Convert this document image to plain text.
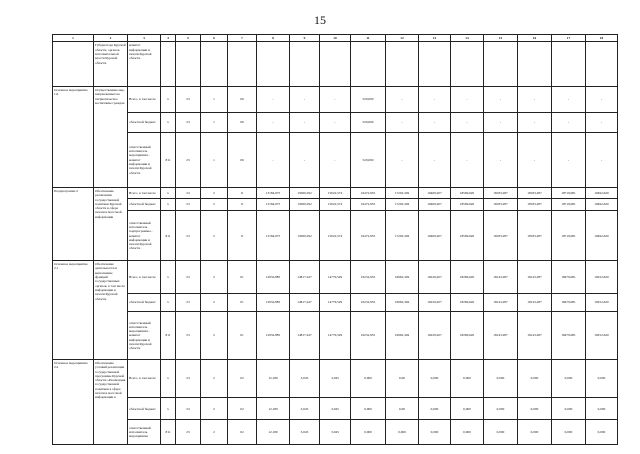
15
1	2	3	4	5	6	7	8	9	10	11	12	13	14	15	16	17	18
	Губернатора Курской области, органов исполнительной власти Курской области	комитет информации и печати Курской области															
Основное мероприятие 1.6	Осуществление мер, направленных на патриотическое воспитание граждан	Всего, в том числе	x	23	1	06	-	-	-	520,000	-	-	-	-	-	-	-
		областной бюджет	x	23	1	06	-	-	-	520,000	-	-	-	-	-	-	-
		ответственный исполнитель мероприятия - комитет информации и печати Курской области	811	23	1	06	-	-	-	520,000	-	-	-	-	-	-	-
Подпрограмма 2	Обеспечение реализации государственной политики Курской области в сфере печати и массовой информации	Всего, в том числе	x	23	2	Х	13184,975	15060,292	15022,574	16472,935	17202,349	19469,207	18509,620	18183,287	18183,287	18719,081	19492,620
		областной бюджет	x	23	2	Х	13184,975	15060,292	15022,574	16472,935	17202,349	19469,207	18509,620	18183,287	18183,287	18719,081	19492,620
		ответственный исполнитель подпрограммы - комитет информации и печати Курской области	811	23	2	Х	13184,975	15060,292	15022,574	16472,935	17202,349	19469,207	18509,620	18183,287	18183,287	18719,081	19492,620
Основное мероприятие 2.1	Обеспечение деятельности и выполнение функций государственных органов, в том числе информация и печати Курской области	Всего, в том числе	x	23	2	01	12932,885	14817,247	14779,529	16232,935	16962,349	19229,207	18269,620	18143,287	18143,287	18479,081	19252,620
		областной бюджет	x	23	2	01	12932,885	14817,247	14779,529	16232,935	16962,349	19229,207	18269,620	18143,287	18143,287	18479,081	19252,620
		ответственный исполнитель мероприятия - комитет информации и печати Курской области	811	23	2	01	12932,885	14817,247	14779,529	16232,935	16962,349	19229,207	18269,620	18143,287	18143,287	18479,081	19252,620
Основное мероприятие 2.2	Обеспечение условий реализации государственной программы Курской области «Реализация государственной политики в сфере печати и массовой информации в	Всего, в том числе	x	23	2	02	12,180	3,045	3,045	0,000	0,00	0,000	0,000	0,000	0,000	0,000	0,000
		областной бюджет	x	23	2	02	12,180	3,045	3,045	0,000	0,00	0,000	0,000	0,000	0,000	0,000	0,000
		ответственный исполнитель мероприятия	811	23	2	02	12,180	3,045	3,045	0,000	0,000	0,000	0,000	0,000	0,000	0,000	0,000
